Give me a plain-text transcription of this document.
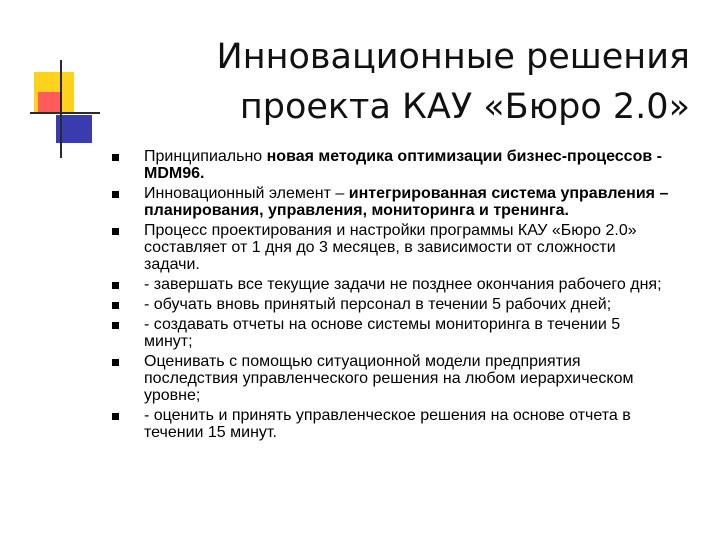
Инновационные решения
проекта КАУ «Бюро 2.0»
Принципиально новая методика оптимизации бизнес-процессов - MDM96.
Инновационный элемент – интегрированная система управления – планирования, управления, мониторинга и тренинга.
Процесс проектирования и настройки программы КАУ «Бюро 2.0» составляет от 1 дня до 3 месяцев, в зависимости от сложности задачи.
- завершать все текущие задачи не позднее окончания рабочего дня;
- обучать вновь принятый персонал в течении 5 рабочих дней;
- создавать отчеты на основе системы мониторинга в течении 5 минут;
Оценивать с помощью ситуационной модели предприятия последствия управленческого решения на любом иерархическом уровне;
- оценить и принять управленческое решения на основе отчета в течении 15 минут.
